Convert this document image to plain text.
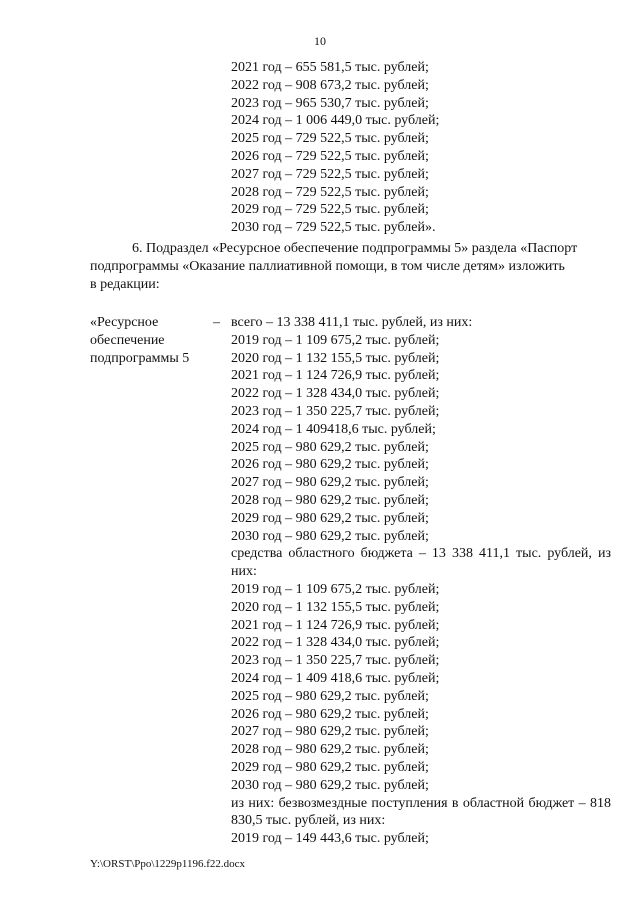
10
2021 год – 655 581,5 тыс. рублей;
2022 год – 908 673,2 тыс. рублей;
2023 год – 965 530,7 тыс. рублей;
2024 год – 1 006 449,0 тыс. рублей;
2025 год – 729 522,5 тыс. рублей;
2026 год – 729 522,5 тыс. рублей;
2027 год – 729 522,5 тыс. рублей;
2028 год – 729 522,5 тыс. рублей;
2029 год – 729 522,5 тыс. рублей;
2030 год – 729 522,5 тыс. рублей».
6. Подраздел «Ресурсное обеспечение подпрограммы 5» раздела «Паспорт
подпрограммы «Оказание паллиативной помощи, в том числе детям» изложить
в редакции:
«Ресурсное
обеспечение
подпрограммы 5
– всего – 13 338 411,1 тыс. рублей, из них:
2019 год – 1 109 675,2 тыс. рублей;
2020 год – 1 132 155,5 тыс. рублей;
2021 год – 1 124 726,9 тыс. рублей;
2022 год – 1 328 434,0 тыс. рублей;
2023 год – 1 350 225,7 тыс. рублей;
2024 год – 1 409418,6 тыс. рублей;
2025 год – 980 629,2 тыс. рублей;
2026 год – 980 629,2 тыс. рублей;
2027 год – 980 629,2 тыс. рублей;
2028 год – 980 629,2 тыс. рублей;
2029 год – 980 629,2 тыс. рублей;
2030 год – 980 629,2 тыс. рублей;
средства областного бюджета – 13 338 411,1 тыс. рублей, из них:
2019 год – 1 109 675,2 тыс. рублей;
2020 год – 1 132 155,5 тыс. рублей;
2021 год – 1 124 726,9 тыс. рублей;
2022 год – 1 328 434,0 тыс. рублей;
2023 год – 1 350 225,7 тыс. рублей;
2024 год – 1 409 418,6 тыс. рублей;
2025 год – 980 629,2 тыс. рублей;
2026 год – 980 629,2 тыс. рублей;
2027 год – 980 629,2 тыс. рублей;
2028 год – 980 629,2 тыс. рублей;
2029 год – 980 629,2 тыс. рублей;
2030 год – 980 629,2 тыс. рублей;
из них: безвозмездные поступления в областной бюджет – 818 830,5 тыс. рублей, из них:
2019 год – 149 443,6 тыс. рублей;
Y:\ORST\Ppo\1229p1196.f22.docx
